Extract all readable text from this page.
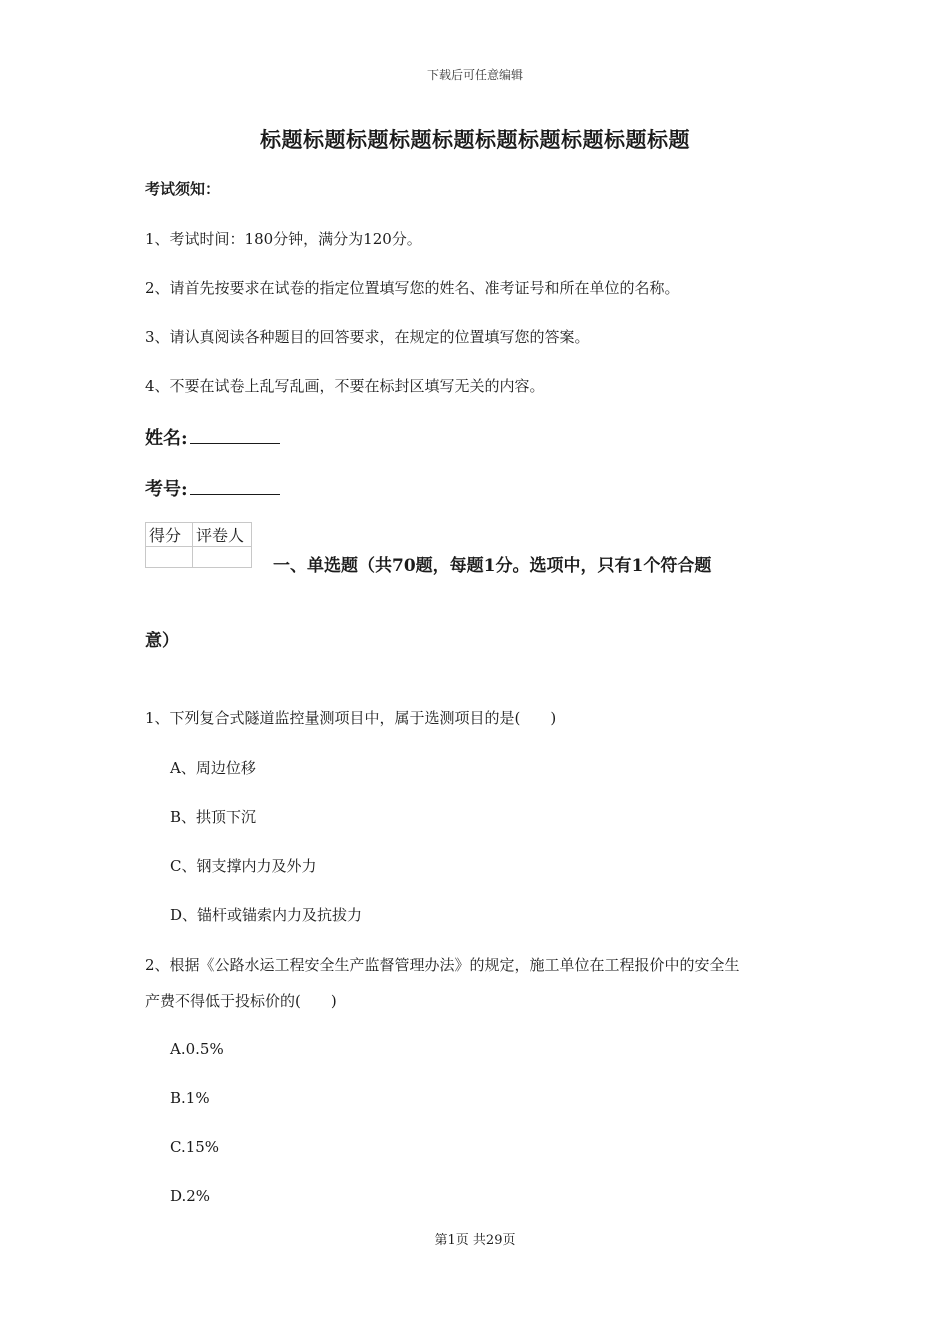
下载后可任意编辑
标题标题标题标题标题标题标题标题标题标题
考试须知：
1、考试时间：180分钟，满分为120分。
2、请首先按要求在试卷的指定位置填写您的姓名、准考证号和所在单位的名称。
3、请认真阅读各种题目的回答要求，在规定的位置填写您的答案。
4、不要在试卷上乱写乱画，不要在标封区填写无关的内容。
姓名:
考号:
得分	评卷人

一、单选题（共70题，每题1分。选项中，只有1个符合题
意）
1、下列复合式隧道监控量测项目中，属于选测项目的是(　　)
A、周边位移
B、拱顶下沉
C、钢支撑内力及外力
D、锚杆或锚索内力及抗拔力
2、根据《公路水运工程安全生产监督管理办法》的规定，施工单位在工程报价中的安全生
产费不得低于投标价的(　　)
A.0.5%
B.1%
C.15%
D.2%
第1页 共29页
